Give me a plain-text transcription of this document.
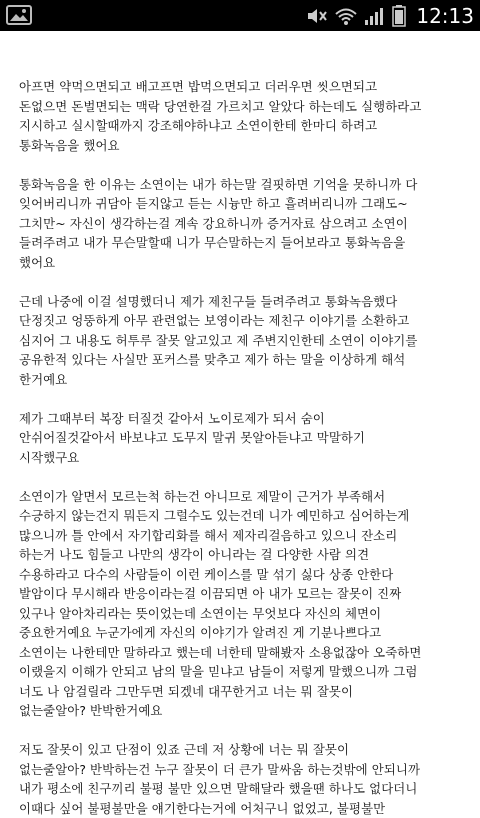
12:13
아프면 약먹으면되고 배고프면 밥먹으면되고 더러우면 씻으면되고
돈없으면 돈벌면되는 맥락 당연한걸 가르치고 알았다 하는데도 실행하라고
지시하고 실시할때까지 강조해야하냐고 소연이한테 한마디 하려고
통화녹음을 했어요
통화녹음을 한 이유는 소연이는 내가 하는말 걸핏하면 기억을 못하니까 다
잊어버리니까 귀담아 듣지않고 듣는 시늉만 하고 흘려버리니까 그래도~
그치만~ 자신이 생각하는걸 계속 강요하니까 증거자료 삼으려고 소연이
들려주려고 내가 무슨말할때 니가 무슨말하는지 들어보라고 통화녹음을
했어요
근데 나중에 이걸 설명했더니 제가 제친구들 들려주려고 통화녹음했다
단정짓고 엉뚱하게 아무 관련없는 보영이라는 제친구 이야기를 소환하고
심지어 그 내용도 허투루 잘못 알고있고 제 주변지인한테 소연이 이야기를
공유한적 있다는 사실만 포커스를 맞추고 제가 하는 말을 이상하게 해석
한거예요
제가 그때부터 복장 터질것 같아서 노이로제가 되서 숨이
안쉬어질것같아서 바보냐고 도무지 말귀 못알아듣냐고 막말하기
시작했구요
소연이가 알면서 모르는척 하는건 아니므로 제말이 근거가 부족해서
수긍하지 않는건지 뭐든지 그럴수도 있는건데 니가 예민하고 심어하는게
많으니까 틀 안에서 자기합리화를 해서 제자리걸음하고 있으니 잔소리
하는거 나도 힘들고 나만의 생각이 아니라는 걸 다양한 사람 의견
수용하라고 다수의 사람들이 이런 케이스를 말 섞기 싫다 상종 안한다
발암이다 무시해라 반응이라는걸 이끔되면 아 내가 모르는 잘못이 진짜
있구나 알아차리라는 뜻이었는데 소연이는 무엇보다 자신의 체면이
중요한거예요 누군가에게 자신의 이야기가 알려진 게 기분나쁘다고
소연이는 나한테만 말하라고 했는데 너한테 말해봤자 소용없잖아 오죽하면
이랬을지 이해가 안되고 남의 말을 믿냐고 남들이 저렇게 말했으니까 그럼
너도 나 암걸릴라 그만두면 되겠네 대꾸한거고 너는 뭐 잘못이
없는줄알아? 반박한거예요
저도 잘못이 있고 단점이 있죠 근데 저 상황에 너는 뭐 잘못이
없는줄알아? 반박하는건 누구 잘못이 더 큰가 말싸움 하는것밖에 안되니까
내가 평소에 친구끼리 불평 불만 있으면 말해달라 했을땐 하나도 없다더니
이때다 싶어 불평불만을 얘기한다는거에 어처구니 없었고, 불평불만
